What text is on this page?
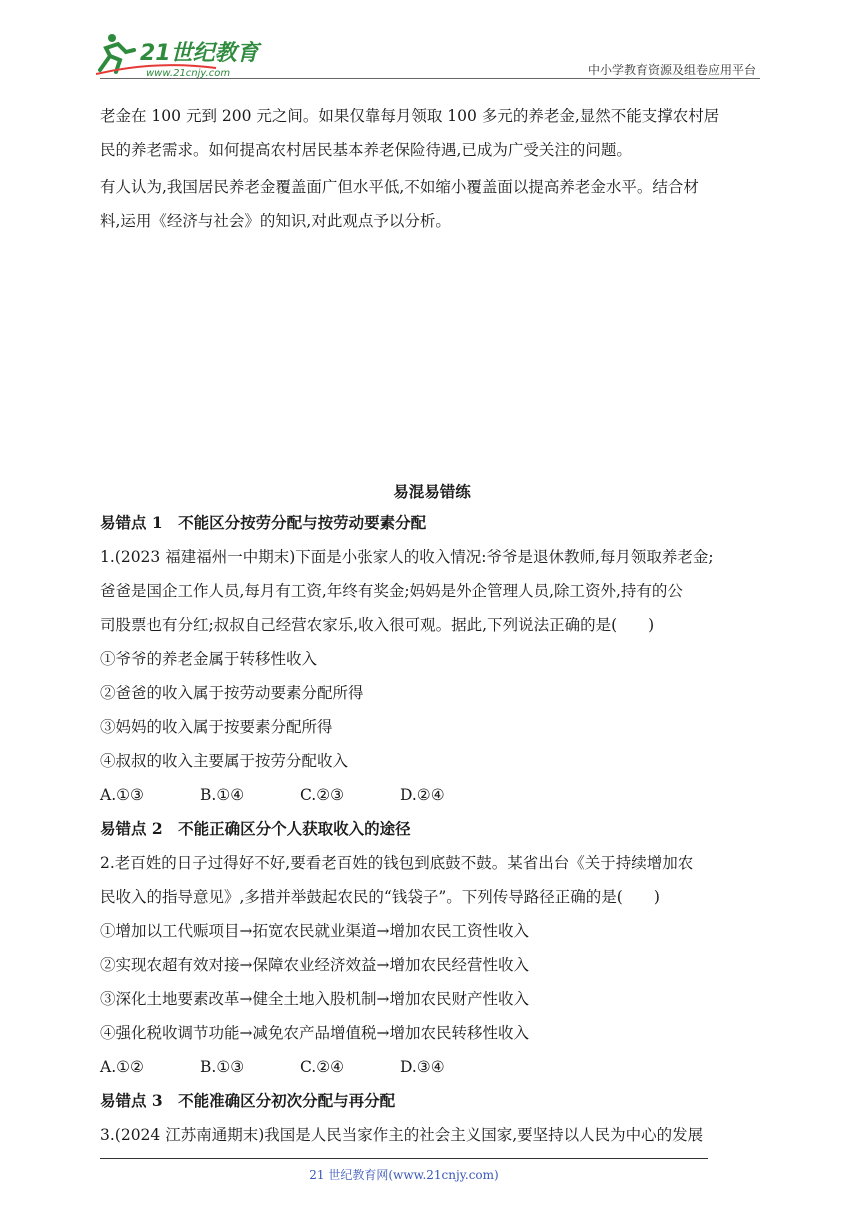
21世纪教育
www.21cnjy.com	中小学教育资源及组卷应用平台
老金在 100 元到 200 元之间。如果仅靠每月领取 100 多元的养老金,显然不能支撑农村居
民的养老需求。如何提高农村居民基本养老保险待遇,已成为广受关注的问题。
有人认为,我国居民养老金覆盖面广但水平低,不如缩小覆盖面以提高养老金水平。结合材
料,运用《经济与社会》的知识,对此观点予以分析。
易混易错练
易错点 1　不能区分按劳分配与按劳动要素分配
1.(2023 福建福州一中期末)下面是小张家人的收入情况:爷爷是退休教师,每月领取养老金;
爸爸是国企工作人员,每月有工资,年终有奖金;妈妈是外企管理人员,除工资外,持有的公
司股票也有分红;叔叔自己经营农家乐,收入很可观。据此,下列说法正确的是(　　)
①爷爷的养老金属于转移性收入
②爸爸的收入属于按劳动要素分配所得
③妈妈的收入属于按要素分配所得
④叔叔的收入主要属于按劳分配收入
A.①③	B.①④	C.②③	D.②④
易错点 2　不能正确区分个人获取收入的途径
2.老百姓的日子过得好不好,要看老百姓的钱包到底鼓不鼓。某省出台《关于持续增加农
民收入的指导意见》,多措并举鼓起农民的“钱袋子”。下列传导路径正确的是(　　)
①增加以工代赈项目→拓宽农民就业渠道→增加农民工资性收入
②实现农超有效对接→保障农业经济效益→增加农民经营性收入
③深化土地要素改革→健全土地入股机制→增加农民财产性收入
④强化税收调节功能→减免农产品增值税→增加农民转移性收入
A.①②	B.①③	C.②④	D.③④
易错点 3　不能准确区分初次分配与再分配
3.(2024 江苏南通期末)我国是人民当家作主的社会主义国家,要坚持以人民为中心的发展
21 世纪教育网(www.21cnjy.com)
